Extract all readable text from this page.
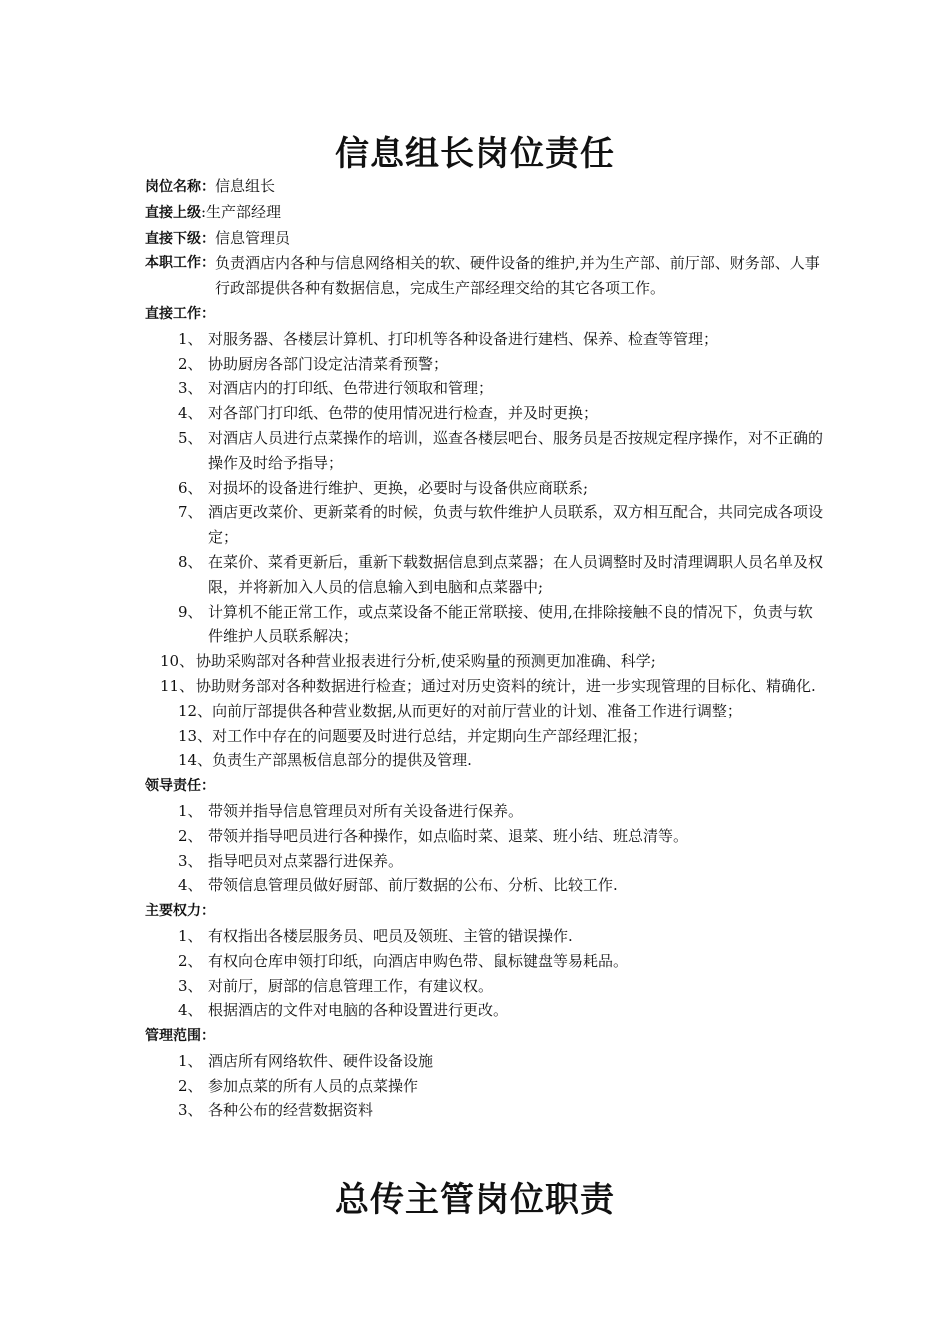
信息组长岗位责任
岗位名称：信息组长
直接上级:生产部经理
直接下级：信息管理员
本职工作： 负责酒店内各种与信息网络相关的软、硬件设备的维护,并为生产部、前厅部、财务部、人事行政部提供各种有数据信息，完成生产部经理交给的其它各项工作。
直接工作：
1、 对服务器、各楼层计算机、打印机等各种设备进行建档、保养、检查等管理；
2、 协助厨房各部门设定沽清菜肴预警；
3、 对酒店内的打印纸、色带进行领取和管理；
4、 对各部门打印纸、色带的使用情况进行检查，并及时更换；
5、 对酒店人员进行点菜操作的培训，巡查各楼层吧台、服务员是否按规定程序操作，对不正确的操作及时给予指导；
6、 对损坏的设备进行维护、更换，必要时与设备供应商联系;
7、 酒店更改菜价、更新菜肴的时候，负责与软件维护人员联系，双方相互配合，共同完成各项设定；
8、 在菜价、菜肴更新后，重新下载数据信息到点菜器；在人员调整时及时清理调职人员名单及权限，并将新加入人员的信息输入到电脑和点菜器中;
9、 计算机不能正常工作，或点菜设备不能正常联接、使用,在排除接触不良的情况下，负责与软件维护人员联系解决；
10、 协助采购部对各种营业报表进行分析,使采购量的预测更加准确、科学;
11、 协助财务部对各种数据进行检查；通过对历史资料的统计，进一步实现管理的目标化、精确化.
12、 向前厅部提供各种营业数据,从而更好的对前厅营业的计划、准备工作进行调整；
13、 对工作中存在的问题要及时进行总结，并定期向生产部经理汇报；
14、 负责生产部黑板信息部分的提供及管理.
领导责任：
1、 带领并指导信息管理员对所有关设备进行保养。
2、 带领并指导吧员进行各种操作，如点临时菜、退菜、班小结、班总清等。
3、 指导吧员对点菜器行进保养。
4、 带领信息管理员做好厨部、前厅数据的公布、分析、比较工作.
主要权力：
1、 有权指出各楼层服务员、吧员及领班、主管的错误操作.
2、 有权向仓库申领打印纸，向酒店申购色带、鼠标键盘等易耗品。
3、 对前厅，厨部的信息管理工作，有建议权。
4、 根据酒店的文件对电脑的各种设置进行更改。
管理范围：
1、 酒店所有网络软件、硬件设备设施
2、 参加点菜的所有人员的点菜操作
3、 各种公布的经营数据资料
总传主管岗位职责
